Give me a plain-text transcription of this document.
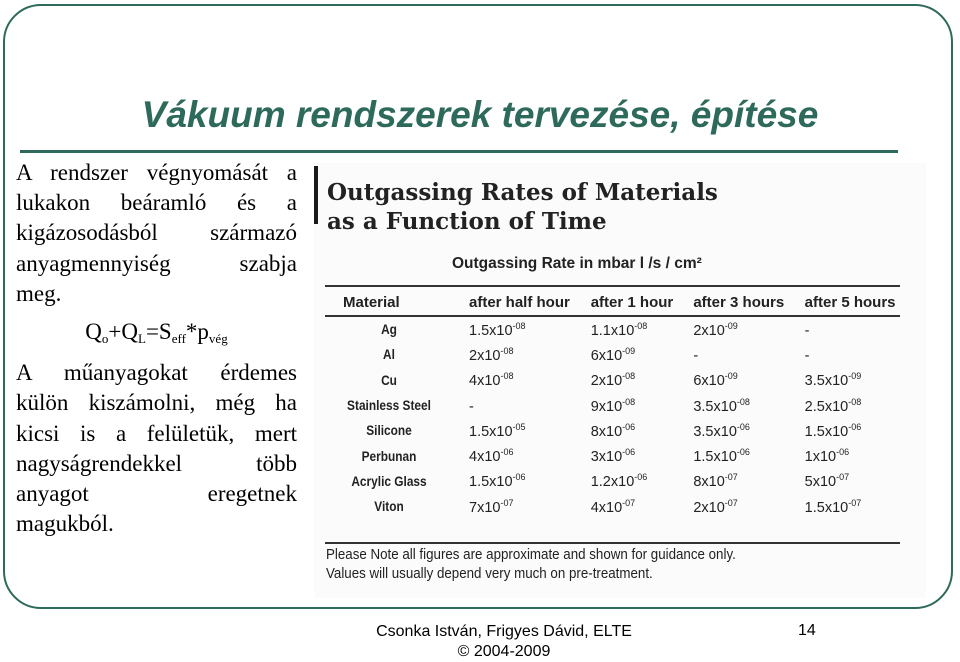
Vákuum rendszerek tervezése, építése

A rendszer végnyomását a

lukakon beáramló és a

kigázosodásból származó

anyagmennyiség szabja

meg.

$Q_o+Q_L=S_{eff}*p_{vég}$

A műanyagokat érdemes

külön kiszámolni, még ha

kicsi is a felületük, mert

nagyságrendekkel több

anyagot eregetnek

magukból.

Outgassing Rates of Materials
as a Function of Time
Outgassing Rate in mbar l /s / cm²
Material	after half hour	after 1 hour	after 3 hours	after 5 hours
Ag	$1.5x10^{-08}$	$1.1x10^{-08}$	$2x10^{-09}$	-
Al	$2x10^{-08}$	$6x10^{-09}$	-	-
Cu	$4x10^{-08}$	$2x10^{-08}$	$6x10^{-09}$	$3.5x10^{-09}$
Stainless Steel	-	$9x10^{-08}$	$3.5x10^{-08}$	$2.5x10^{-08}$
Silicone	$1.5x10^{-05}$	$8x10^{-06}$	$3.5x10^{-06}$	$1.5x10^{-06}$
Perbunan	$4x10^{-06}$	$3x10^{-06}$	$1.5x10^{-06}$	$1x10^{-06}$
Acrylic Glass	$1.5x10^{-06}$	$1.2x10^{-06}$	$8x10^{-07}$	$5x10^{-07}$
Viton	$7x10^{-07}$	$4x10^{-07}$	$2x10^{-07}$	$1.5x10^{-07}$
Please Note all figures are approximate and shown for guidance only.
Values will usually depend very much on pre-treatment.
Csonka István, Frigyes Dávid, ELTE
© 2004-2009
14
